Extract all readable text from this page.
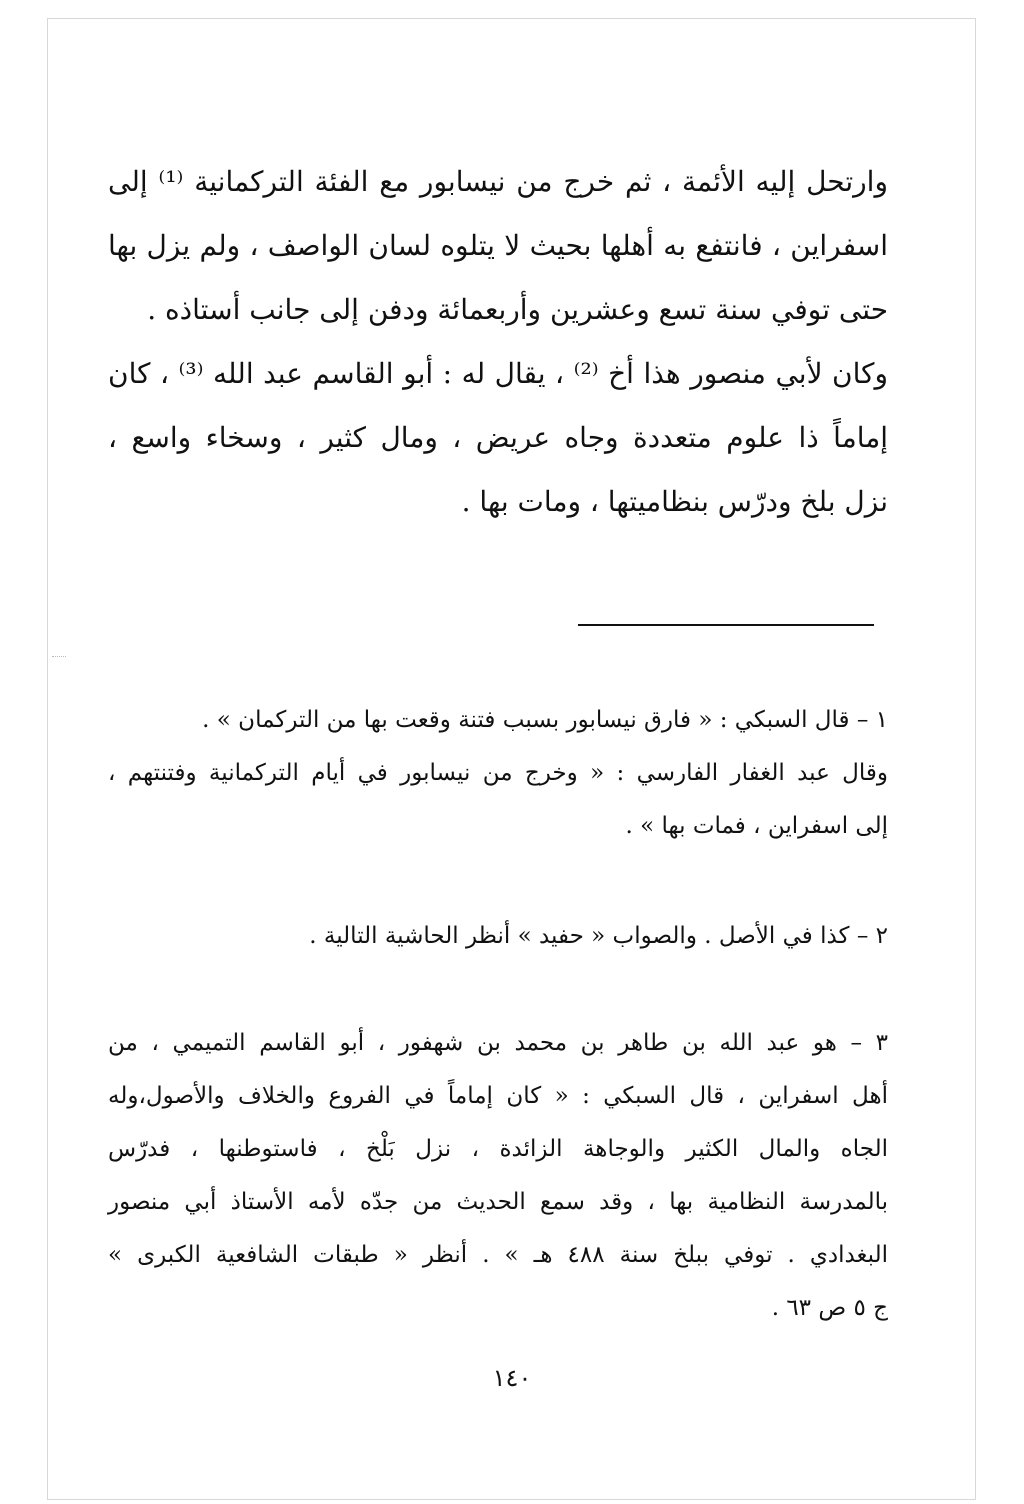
وارتحل إليه الأئمة ، ثم خرج من نيسابور مع الفئة التركمانية ⁽¹⁾ إلى
اسفراين ، فانتفع به أهلها بحيث لا يتلوه لسان الواصف ، ولم يزل بها
حتى توفي سنة تسع وعشرين وأربعمائة ودفن إلى جانب أستاذه .
وكان لأبي منصور هذا أخ ⁽²⁾ ، يقال له : أبو القاسم عبد الله ⁽³⁾ ، كان
إماماً ذا علوم متعددة وجاه عريض ، ومال كثير ، وسخاء واسع ،
نزل بلخ ودرّس بنظاميتها ، ومات بها .
١ – قال السبكي : « فارق نيسابور بسبب فتنة وقعت بها من التركمان » .
وقال عبد الغفار الفارسي : « وخرج من نيسابور في أيام التركمانية وفتنتهم ،
إلى اسفراين ، فمات بها » .
٢ – كذا في الأصل . والصواب « حفيد » أنظر الحاشية التالية .
٣ – هو عبد الله بن طاهر بن محمد بن شهفور ، أبو القاسم التميمي ، من
أهل اسفراين ، قال السبكي : « كان إماماً في الفروع والخلاف والأصول،وله
الجاه والمال الكثير والوجاهة الزائدة ، نزل بَلْخ ، فاستوطنها ، فدرّس
بالمدرسة النظامية بها ، وقد سمع الحديث من جدّه لأمه الأستاذ أبي منصور
البغدادي . توفي ببلخ سنة ٤٨٨ هـ » . أنظر « طبقات الشافعية الكبرى »
ج ٥ ص ٦٣ .
١٤٠
